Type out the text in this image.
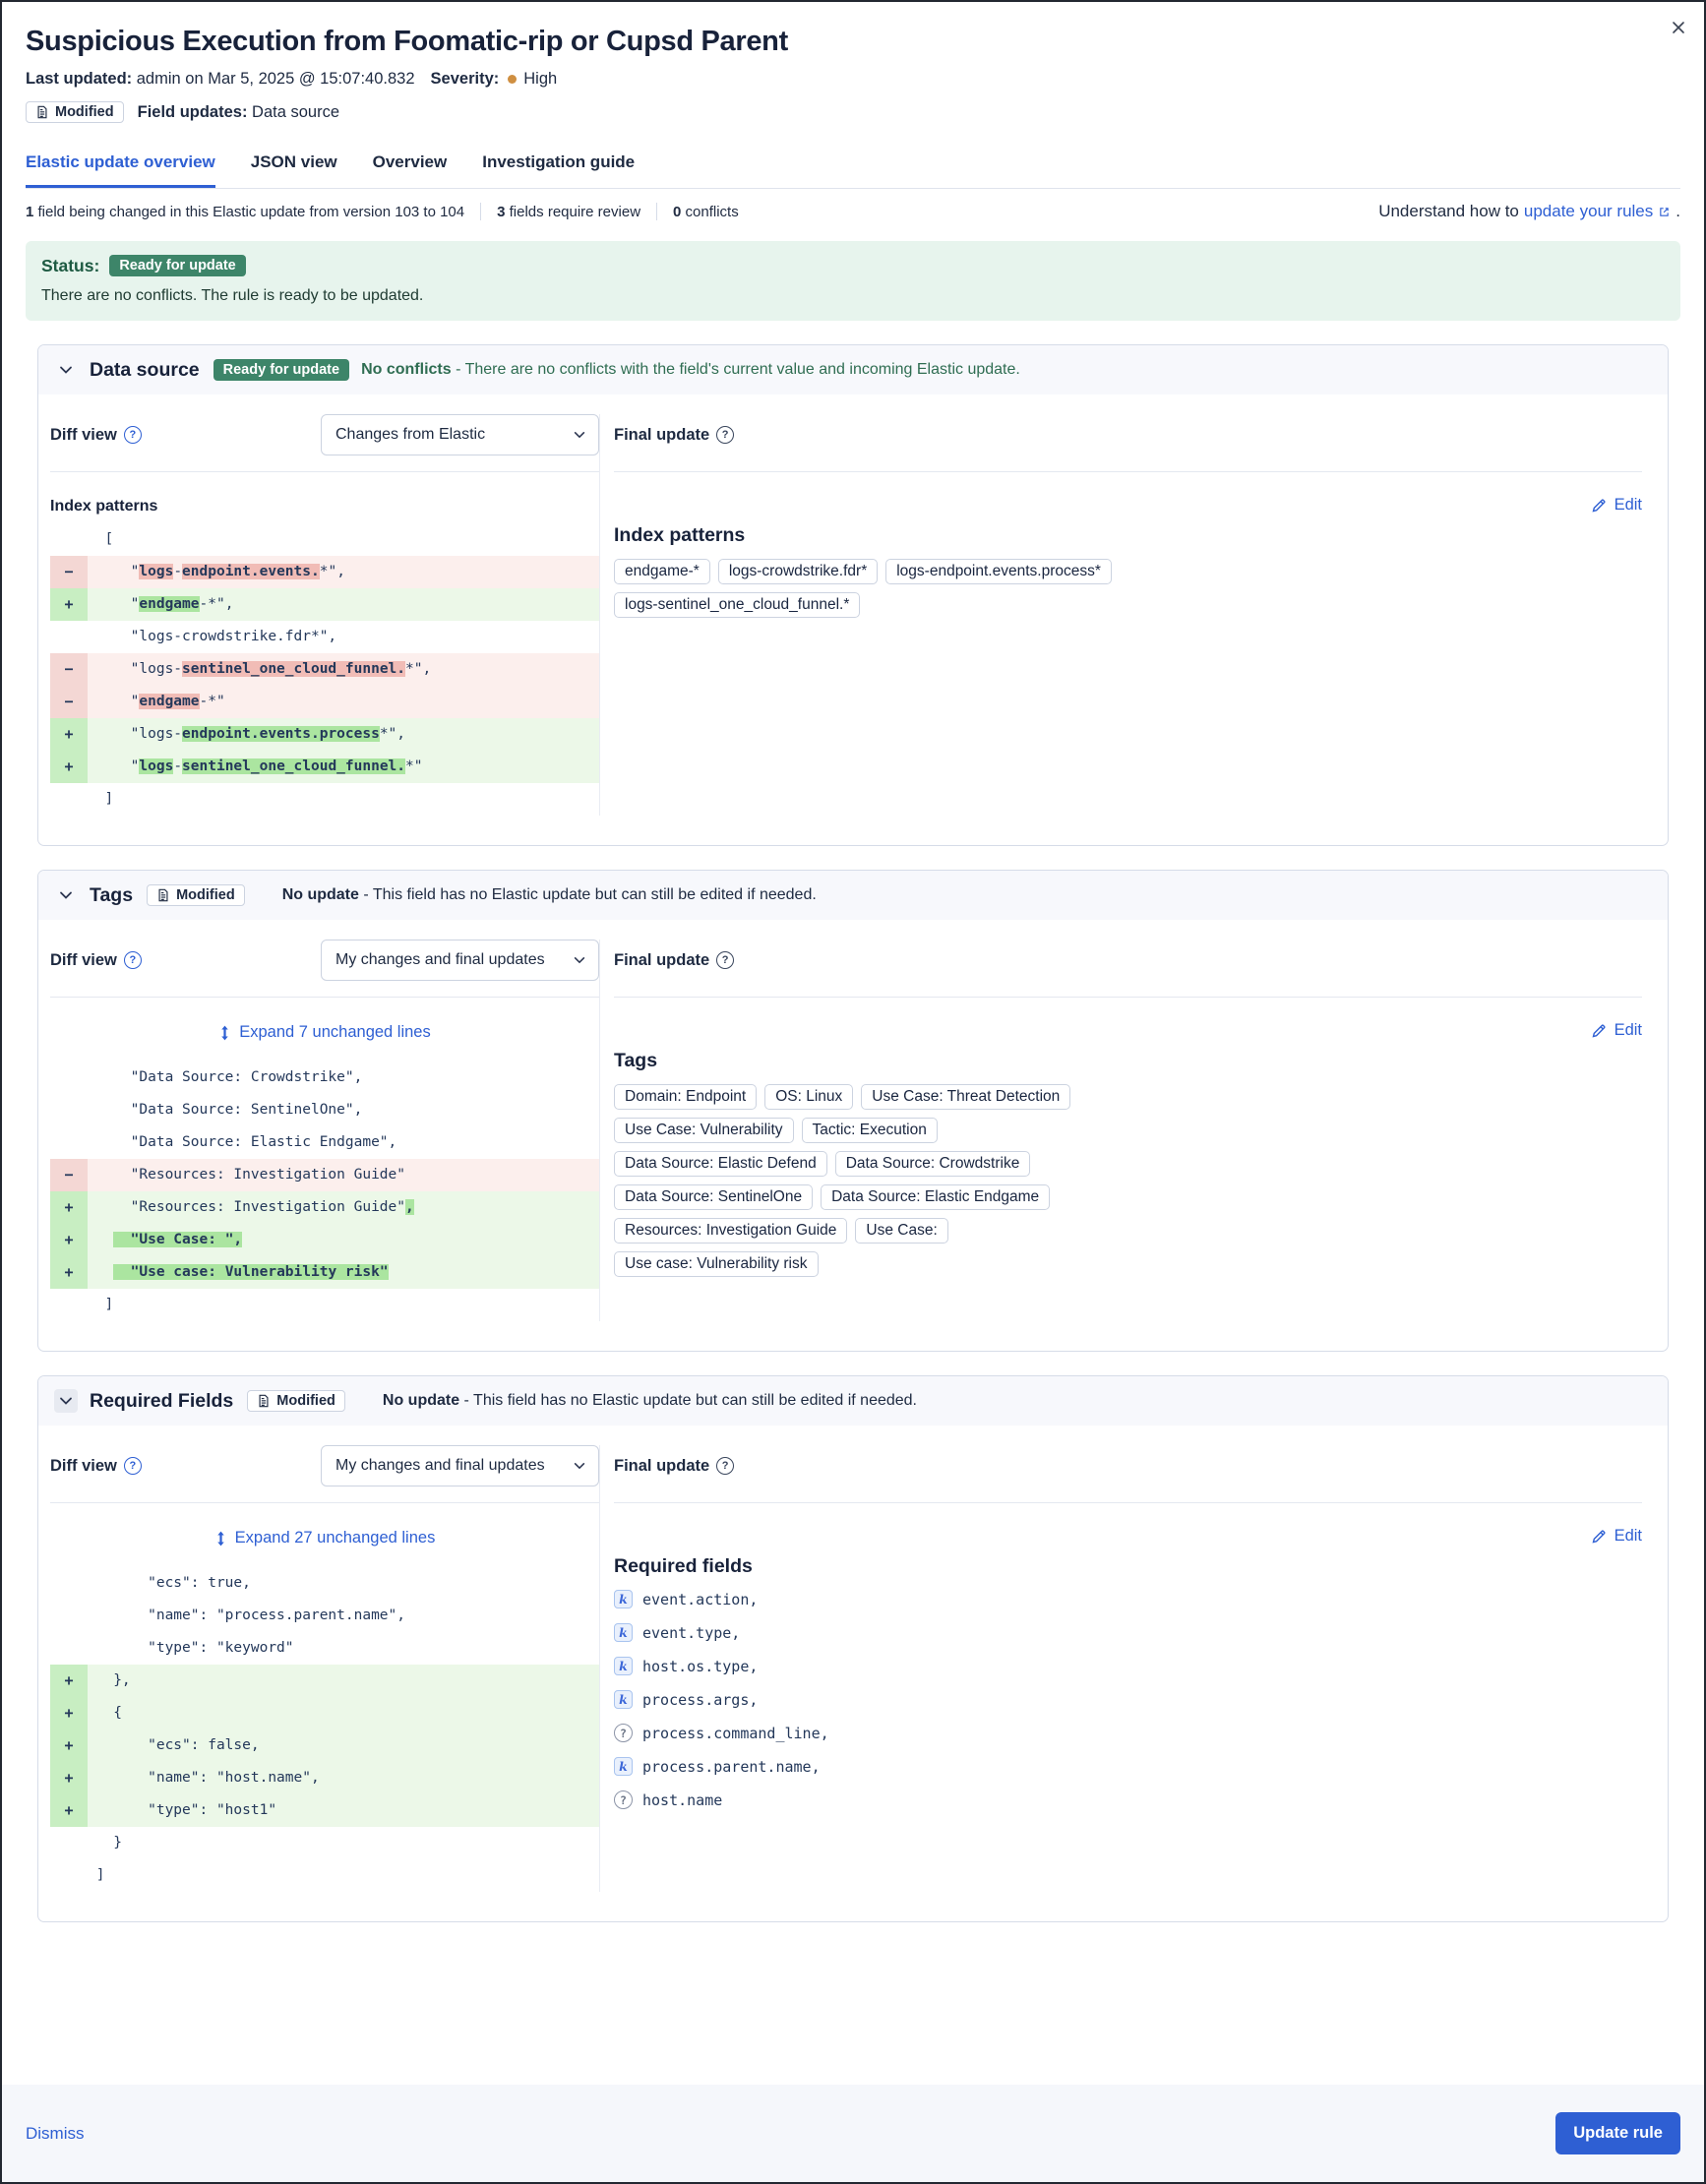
Suspicious Execution from Foomatic-rip or Cupsd Parent
Last updated: admin on Mar 5, 2025 @ 15:07:40.832 Severity: High
Modified Field updates: Data source
Elastic update overview JSON view Overview Investigation guide
1 field being changed in this Elastic update from version 103 to 104 3 fields require review 0 conflicts	Understand how to update your rules .
Status:	Ready for update
There are no conflicts. The rule is ready to be updated.
Data source	Ready for update	No conflicts - There are no conflicts with the field's current value and incoming Elastic update.
Diff view	?	Changes from Elastic
Index patterns

[
− "logs-endpoint.events.*",
+ "endgame-*",

"logs-crowdstrike.fdr*",
− "logs-sentinel_one_cloud_funnel.*",
− "endgame-*"
+ "logs-endpoint.events.process*",
+ "logs-sentinel_one_cloud_funnel.*"

]
Final update	?
Edit
Index patterns
endgame-*	logs-crowdstrike.fdr*	logs-endpoint.events.process*
logs-sentinel_one_cloud_funnel.*
Tags	Modified	No update - This field has no Elastic update but can still be edited if needed.
Diff view	?	My changes and final updates
Expand 7 unchanged lines

"Data Source: Crowdstrike",

"Data Source: SentinelOne",

"Data Source: Elastic Endgame",
− "Resources: Investigation Guide"
+ "Resources: Investigation Guide",
+	"Use Case: ",
+	"Use case: Vulnerability risk"

]
Final update	?
Edit
Tags
Domain: Endpoint	OS: Linux	Use Case: Threat Detection
Use Case: Vulnerability	Tactic: Execution
Data Source: Elastic Defend	Data Source: Crowdstrike
Data Source: SentinelOne	Data Source: Elastic Endgame
Resources: Investigation Guide	Use Case:
Use case: Vulnerability risk
Required Fields	Modified	No update - This field has no Elastic update but can still be edited if needed.
Diff view	?	My changes and final updates
Expand 27 unchanged lines

"ecs": true,

"name": "process.parent.name",

"type": "keyword"
+ },
+ {
+ "ecs": false,
+ "name": "host.name",
+ "type": "host1"

}

]
Final update	?
Edit
Required fields
k	event.action,
k	event.type,
k	host.os.type,
k	process.args,
?	process.command_line,
k	process.parent.name,
?	host.name
Dismiss	Update rule
